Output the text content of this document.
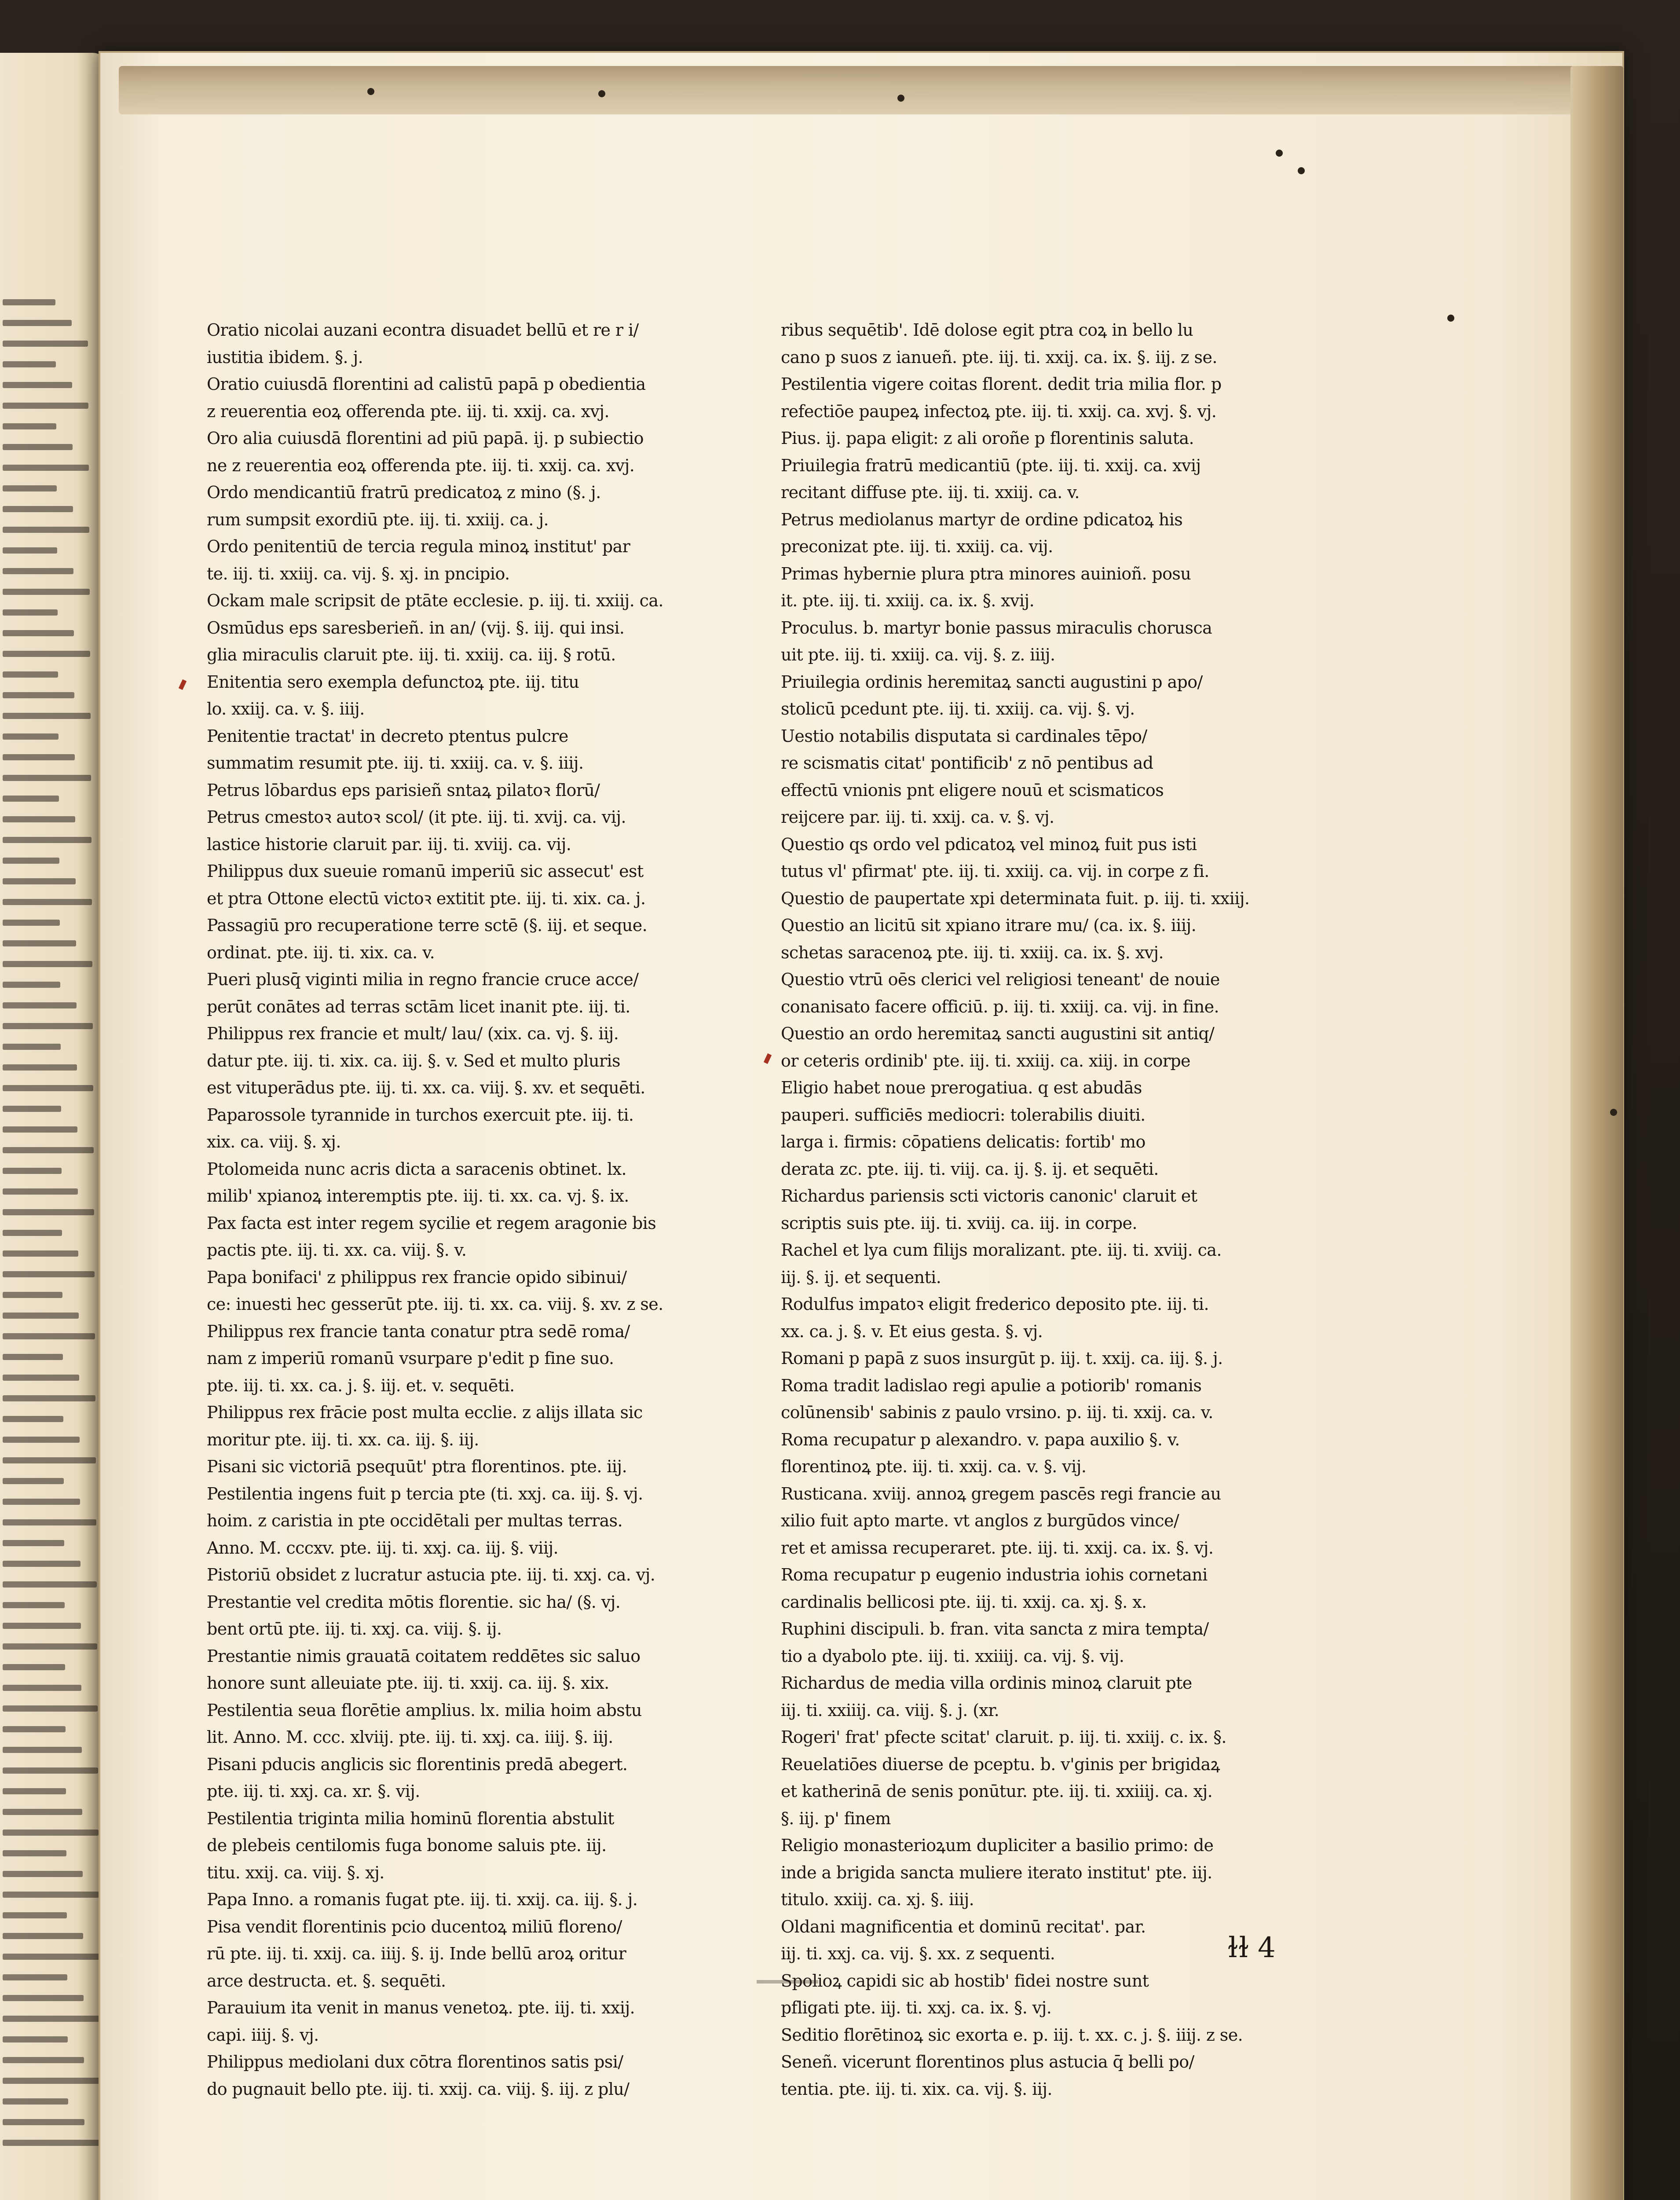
Oratio nicolai auzani econtra disuadet bellū et re r i/
iustitia ibidem. §. j.
Oratio cuiusdā florentini ad calistū papā p obedientia
z reuerentia eoꝝ offerenda pte. iij. ti. xxij. ca. xvj.
Oro alia cuiusdā florentini ad piū papā. ij. p subiectio
ne z reuerentia eoꝝ offerenda pte. iij. ti. xxij. ca. xvj.
Ordo mendicantiū fratrū predicatoꝝ z mino (§. j.
rum sumpsit exordiū pte. iij. ti. xxiij. ca. j.
Ordo penitentiū de tercia regula minoꝝ institut' par
te. iij. ti. xxiij. ca. vij. §. xj. in pncipio.
Ockam male scripsit de ptāte ecclesie. p. iij. ti. xxiij. ca.
Osmūdus eps saresberieñ. in an/ (vij. §. iij. qui insi.
glia miraculis claruit pte. iij. ti. xxiij. ca. iij. § rotū.
Enitentia sero exempla defunctoꝝ pte. iij. titu
lo. xxiij. ca. v. §. iiij.
Penitentie tractat' in decreto ptentus pulcre
summatim resumit pte. iij. ti. xxiij. ca. v. §. iiij.
Petrus lōbardus eps parisieñ sntaꝝ pilatoꝛ florū/
Petrus cmestoꝛ autoꝛ scol/ (it pte. iij. ti. xvij. ca. vij.
lastice historie claruit par. iij. ti. xviij. ca. vij.
Philippus dux sueuie romanū imperiū sic assecut' est
et ptra Ottone electū victoꝛ extitit pte. iij. ti. xix. ca. j.
Passagiū pro recuperatione terre sctē (§. iij. et seque.
ordinat. pte. iij. ti. xix. ca. v.
Pueri plusq̄ viginti milia in regno francie cruce acce/
perūt conātes ad terras sctām licet inanit pte. iij. ti.
Philippus rex francie et mult/ lau/ (xix. ca. vj. §. iij.
datur pte. iij. ti. xix. ca. iij. §. v. Sed et multo pluris
est vituperādus pte. iij. ti. xx. ca. viij. §. xv. et sequēti.
Paparossole tyrannide in turchos exercuit pte. iij. ti.
xix. ca. viij. §. xj.
Ptolomeida nunc acris dicta a saracenis obtinet. lx.
milib' xpianoꝝ interemptis pte. iij. ti. xx. ca. vj. §. ix.
Pax facta est inter regem sycilie et regem aragonie bis
pactis pte. iij. ti. xx. ca. viij. §. v.
Papa bonifaci' z philippus rex francie opido sibinui/
ce: inuesti hec gesserūt pte. iij. ti. xx. ca. viij. §. xv. z se.
Philippus rex francie tanta conatur ptra sedē roma/
nam z imperiū romanū vsurpare p'edit p fine suo.
pte. iij. ti. xx. ca. j. §. iij. et. v. sequēti.
Philippus rex frācie post multa ecclie. z alijs illata sic
moritur pte. iij. ti. xx. ca. iij. §. iij.
Pisani sic victoriā psequūt' ptra florentinos. pte. iij.
Pestilentia ingens fuit p tercia pte (ti. xxj. ca. iij. §. vj.
hoim. z caristia in pte occidētali per multas terras.
Anno. M. cccxv. pte. iij. ti. xxj. ca. iij. §. viij.
Pistoriū obsidet z lucratur astucia pte. iij. ti. xxj. ca. vj.
Prestantie vel credita mōtis florentie. sic ha/ (§. vj.
bent ortū pte. iij. ti. xxj. ca. viij. §. ij.
Prestantie nimis grauatā coitatem reddētes sic saluo
honore sunt alleuiate pte. iij. ti. xxij. ca. iij. §. xix.
Pestilentia seua florētie amplius. lx. milia hoim abstu
lit. Anno. M. ccc. xlviij. pte. iij. ti. xxj. ca. iiij. §. iij.
Pisani pducis anglicis sic florentinis predā abegert.
pte. iij. ti. xxj. ca. xr. §. vij.
Pestilentia triginta milia hominū florentia abstulit
de plebeis centilomis fuga bonome saluis pte. iij.
titu. xxij. ca. viij. §. xj.
Papa Inno. a romanis fugat pte. iij. ti. xxij. ca. iij. §. j.
Pisa vendit florentinis pcio ducentoꝝ miliū floreno/
rū pte. iij. ti. xxij. ca. iiij. §. ij. Inde bellū aroꝝ oritur
arce destructa. et. §. sequēti.
Parauium ita venit in manus venetoꝝ. pte. iij. ti. xxij.
capi. iiij. §. vj.
Philippus mediolani dux cōtra florentinos satis psi/
do pugnauit bello pte. iij. ti. xxij. ca. viij. §. iij. z plu/
ribus sequētib'. Idē dolose egit ptra coꝝ in bello lu
cano p suos z ianueñ. pte. iij. ti. xxij. ca. ix. §. iij. z se.
Pestilentia vigere coitas florent. dedit tria milia flor. p
refectiōe paupeꝝ infectoꝝ pte. iij. ti. xxij. ca. xvj. §. vj.
Pius. ij. papa eligit: z ali oroñe p florentinis saluta.
Priuilegia fratrū medicantiū (pte. iij. ti. xxij. ca. xvij
recitant diffuse pte. iij. ti. xxiij. ca. v.
Petrus mediolanus martyr de ordine pdicatoꝝ his
preconizat pte. iij. ti. xxiij. ca. vij.
Primas hybernie plura ptra minores auinioñ. posu
it. pte. iij. ti. xxiij. ca. ix. §. xvij.
Proculus. b. martyr bonie passus miraculis chorusca
uit pte. iij. ti. xxiij. ca. vij. §. z. iiij.
Priuilegia ordinis heremitaꝝ sancti augustini p apo/
stolicū pcedunt pte. iij. ti. xxiij. ca. vij. §. vj.
Uestio notabilis disputata si cardinales tēpo/
re scismatis citat' pontificib' z nō pentibus ad
effectū vnionis pnt eligere nouū et scismaticos
reijcere par. iij. ti. xxij. ca. v. §. vj.
Questio qs ordo vel pdicatoꝝ vel minoꝝ fuit pus isti
tutus vl' pfirmat' pte. iij. ti. xxiij. ca. vij. in corpe z fi.
Questio de paupertate xpi determinata fuit. p. iij. ti. xxiij.
Questio an licitū sit xpiano itrare mu/ (ca. ix. §. iiij.
schetas saracenoꝝ pte. iij. ti. xxiij. ca. ix. §. xvj.
Questio vtrū oēs clerici vel religiosi teneant' de nouie
conanisato facere officiū. p. iij. ti. xxiij. ca. vij. in fine.
Questio an ordo heremitaꝝ sancti augustini sit antiq/
or ceteris ordinib' pte. iij. ti. xxiij. ca. xiij. in corpe
Eligio habet noue prerogatiua. q est abudās
pauperi. sufficiēs mediocri: tolerabilis diuiti.
larga i. firmis: cōpatiens delicatis: fortib' mo
derata zc. pte. iij. ti. viij. ca. ij. §. ij. et sequēti.
Richardus pariensis scti victoris canonic' claruit et
scriptis suis pte. iij. ti. xviij. ca. iij. in corpe.
Rachel et lya cum filijs moralizant. pte. iij. ti. xviij. ca.
iij. §. ij. et sequenti.
Rodulfus impatoꝛ eligit frederico deposito pte. iij. ti.
xx. ca. j. §. v. Et eius gesta. §. vj.
Romani p papā z suos insurgūt p. iij. t. xxij. ca. iij. §. j.
Roma tradit ladislao regi apulie a potiorib' romanis
colūnensib' sabinis z paulo vrsino. p. iij. ti. xxij. ca. v.
Roma recupatur p alexandro. v. papa auxilio §. v.
florentinoꝝ pte. iij. ti. xxij. ca. v. §. vij.
Rusticana. xviij. annoꝝ gregem pascēs regi francie au
xilio fuit apto marte. vt anglos z burgūdos vince/
ret et amissa recuperaret. pte. iij. ti. xxij. ca. ix. §. vj.
Roma recupatur p eugenio industria iohis cornetani
cardinalis bellicosi pte. iij. ti. xxij. ca. xj. §. x.
Ruphini discipuli. b. fran. vita sancta z mira tempta/
tio a dyabolo pte. iij. ti. xxiiij. ca. vij. §. vij.
Richardus de media villa ordinis minoꝝ claruit pte
iij. ti. xxiiij. ca. viij. §. j. (xr.
Rogeri' frat' pfecte scitat' claruit. p. iij. ti. xxiij. c. ix. §.
Reuelatiōes diuerse de pceptu. b. v'ginis per brigidaꝝ
et katherinā de senis ponūtur. pte. iij. ti. xxiiij. ca. xj.
§. iij. p' finem
Religio monasterioꝝum dupliciter a basilio primo: de
inde a brigida sancta muliere iterato institut' pte. iij.
titulo. xxiij. ca. xj. §. iiij.
Oldani magnificentia et dominū recitat'. par.
iij. ti. xxj. ca. vij. §. xx. z sequenti.
Spolioꝝ capidi sic ab hostib' fidei nostre sunt
pfligati pte. iij. ti. xxj. ca. ix. §. vj.
Seditio florētinoꝝ sic exorta e. p. iij. t. xx. c. j. §. iiij. z se.
Seneñ. vicerunt florentinos plus astucia q̄ belli po/
tentia. pte. iij. ti. xix. ca. vij. §. iij.
ɫɫ 4
